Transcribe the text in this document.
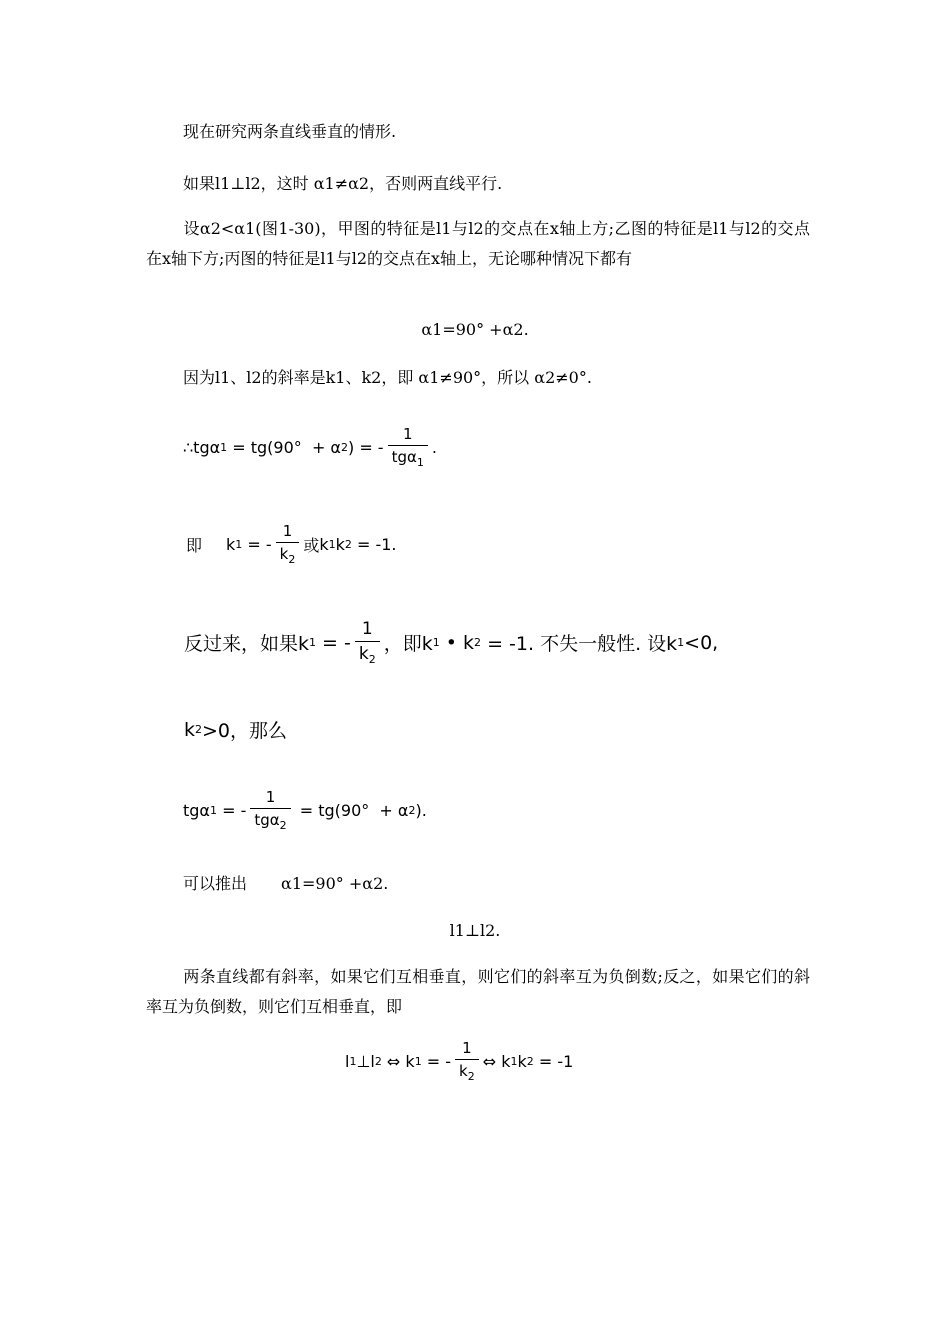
现在研究两条直线垂直的情形.
如果l1⊥l2，这时 α1≠α2，否则两直线平行.
设α2<α1(图1-30)，甲图的特征是l1与l2的交点在x轴上方;乙图的特征是l1与l2的交点在x轴下方;丙图的特征是l1与l2的交点在x轴上，无论哪种情况下都有
α1=90° +α2.
因为l1、l2的斜率是k1、k2，即 α1≠90°，所以 α2≠0°.
∴tgα 1 = tg(90°  + α 2 ) = - $\frac{1}{tg\alpha_1}$ .
即 k 1 = - $\frac{1}{k_2}$ 或 k 1 k 2 = -1.
反过来，如果k 1 = - $\frac{1}{k_2}$ ，即k 1 • k 2 = -1. 不失一般性. 设k 1 <0,
k 2 >0，那么
tgα 1 = - $\frac{1}{tg\alpha_2} = tg(90^\circ + \alpha$ 2 ).
可以推出 α1=90° +α2.
l1⊥l2.
两条直线都有斜率，如果它们互相垂直，则它们的斜率互为负倒数;反之，如果它们的斜率互为负倒数，则它们互相垂直，即
l 1 ⊥l 2 ⇔ k 1 = - $\frac{1}{k_2}$ ⇔ k 1 k 2 = -1
